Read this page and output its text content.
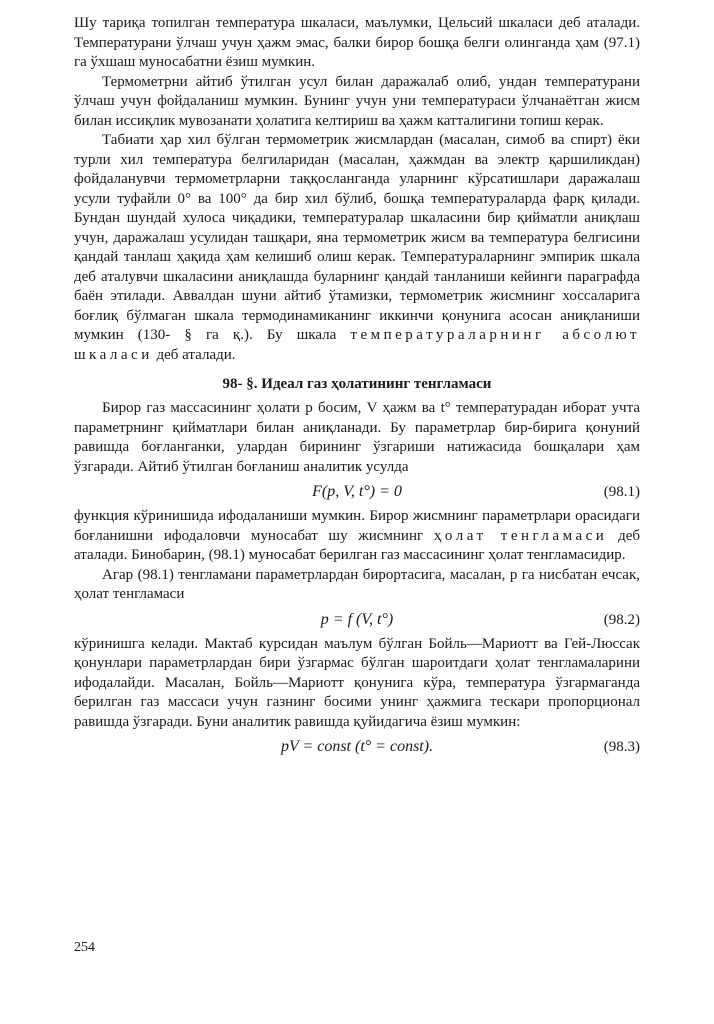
Шу тариқа топилган температура шкаласи, маълумки, Цельсий шкаласи деб аталади. Температурани ўлчаш учун ҳажм эмас, балки бирор бошқа белги олинганда ҳам (97.1) га ўхшаш муносабатни ёзиш мумкин.

Термометрни айтиб ўтилган усул билан даражалаб олиб, ундан температурани ўлчаш учун фойдаланиш мумкин. Бунинг учун уни температураси ўлчанаётган жисм билан иссиқлик мувозанати ҳолатига келтириш ва ҳажм катталигини топиш керак.

Табиати ҳар хил бўлган термометрик жисмлардан (масалан, симоб ва спирт) ёки турли хил температура белгиларидан (масалан, ҳажмдан ва электр қаршиликдан) фойдаланувчи термометрларни таққосланганда уларнинг кўрсатишлари даражалаш усули туфайли 0° ва 100° да бир хил бўлиб, бошқа температураларда фарқ қилади. Бундан шундай хулоса чиқадики, температуралар шкаласини бир қийматли аниқлаш учун, даражалаш усулидан ташқари, яна термометрик жисм ва температура белгисини қандай танлаш ҳақида ҳам келишиб олиш керак. Температураларнинг эмпирик шкала деб аталувчи шкаласини аниқлашда буларнинг қандай танланиши кейинги параграфда баён этилади. Аввалдан шуни айтиб ўтамизки, термометрик жисмнинг хоссаларига боғлиқ бўлмаган шкала термодинамиканинг иккинчи қонунига асосан аниқланиши мумкин (130- § га қ.). Бу шкала температураларнинг абсолют шкаласи деб аталади.

98- §. Идеал газ ҳолатининг тенгламаси

Бирор газ массасининг ҳолати p босим, V ҳажм ва t° температурадан иборат учта параметрнинг қийматлари билан аниқланади. Бу параметрлар бир-бирига қонуний равишда боғланганки, улардан бирининг ўзгариши натижасида бошқалари ҳам ўзгаради. Айтиб ўтилган боғланиш аналитик усулда

F(p, V, t°) = 0	(98.1)

функция кўринишида ифодаланиши мумкин. Бирор жисмнинг параметрлари орасидаги боғланишни ифодаловчи муносабат шу жисмнинг ҳолат тенгламаси деб аталади. Бинобарин, (98.1) муносабат берилган газ массасининг ҳолат тенгламасидир.

Агар (98.1) тенгламани параметрлардан бирортасига, масалан, p га нисбатан ечсак, ҳолат тенгламаси

p = f (V, t°)	(98.2)

кўринишга келади. Мактаб курсидан маълум бўлган Бойль—Мариотт ва Гей-Люссак қонунлари параметрлардан бири ўзгармас бўлган шароитдаги ҳолат тенгламаларини ифодалайди. Масалан, Бойль—Мариотт қонунига кўра, температура ўзгармаганда берилган газ массаси учун газнинг босими унинг ҳажмига тескари пропорционал равишда ўзгаради. Буни аналитик равишда қуйидагича ёзиш мумкин:

pV = const (t° = const).	(98.3)
254
